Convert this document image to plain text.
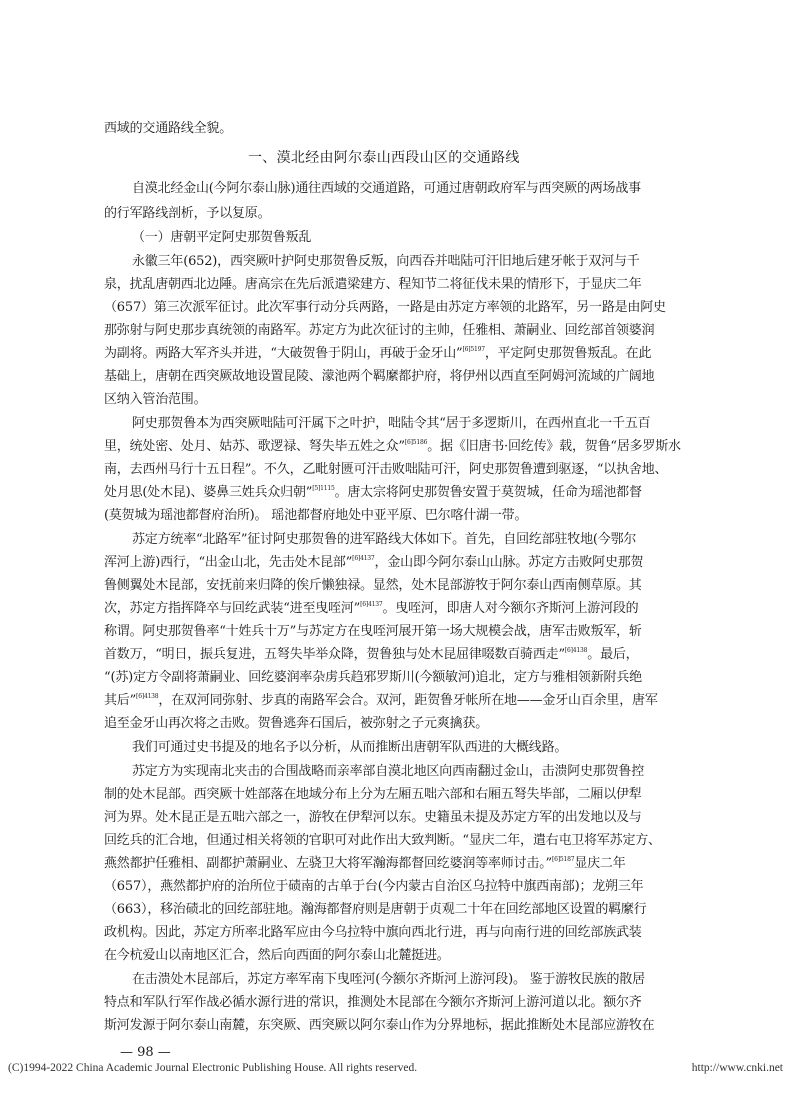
西域的交通路线全貌。
一、漠北经由阿尔泰山西段山区的交通路线
自漠北经金山(今阿尔泰山脉)通往西域的交通道路，可通过唐朝政府军与西突厥的两场战事
的行军路线剖析，予以复原。
（一）唐朝平定阿史那贺鲁叛乱
永徽三年(652)，西突厥叶护阿史那贺鲁反叛，向西吞并咄陆可汗旧地后建牙帐于双河与千
泉，扰乱唐朝西北边陲。唐高宗在先后派遣梁建方、程知节二将征伐未果的情形下，于显庆二年
（657）第三次派军征讨。此次军事行动分兵两路，一路是由苏定方率领的北路军，另一路是由阿史
那弥射与阿史那步真统领的南路军。苏定方为此次征讨的主帅，任雅相、萧嗣业、回纥部首领婆润
为副将。两路大军齐头并进，“大破贺鲁于阴山，再破于金牙山”$^{[6]5197}$，平定阿史那贺鲁叛乱。在此
基础上，唐朝在西突厥故地设置昆陵、濛池两个羁縻都护府，将伊州以西直至阿姆河流域的广阔地
区纳入管治范围。
阿史那贺鲁本为西突厥咄陆可汗属下之叶护，咄陆令其“居于多逻斯川，在西州直北一千五百
里，统处密、处月、姑苏、歌逻禄、弩失毕五姓之众”$^{[6]5186}$。据《旧唐书·回纥传》载，贺鲁“居多罗斯水
南，去西州马行十五日程”。不久，乙毗射匮可汗击败咄陆可汗，阿史那贺鲁遭到驱逐，“以执舍地、
处月思(处木昆)、婆鼻三姓兵众归朝”$^{[5]1115}$。唐太宗将阿史那贺鲁安置于莫贺城，任命为瑶池都督
(莫贺城为瑶池都督府治所)。 瑶池都督府地处中亚平原、巴尔喀什湖一带。
苏定方统率“北路军”征讨阿史那贺鲁的进军路线大体如下。首先，自回纥部驻牧地(今鄂尔
浑河上游)西行，“出金山北，先击处木昆部”$^{[6]4137}$，金山即今阿尔泰山山脉。苏定方击败阿史那贺
鲁侧翼处木昆部，安抚前来归降的俟斤懒独禄。显然，处木昆部游牧于阿尔泰山西南侧草原。其
次，苏定方指挥降卒与回纥武装“进至曳咥河”$^{[6]4137}$。曳咥河，即唐人对今额尔齐斯河上游河段的
称谓。阿史那贺鲁率“十姓兵十万”与苏定方在曳咥河展开第一场大规模会战，唐军击败叛军，斩
首数万，“明日，振兵复进，五弩失毕举众降，贺鲁独与处木昆屈律啜数百骑西走”$^{[6]4138}$。最后，
“(苏)定方令副将萧嗣业、回纥婆润率杂虏兵趋邪罗斯川(今额敏河)追北，定方与雅相领新附兵绝
其后”$^{[6]4138}$，在双河同弥射、步真的南路军会合。双河，距贺鲁牙帐所在地——金牙山百余里，唐军
追至金牙山再次将之击败。贺鲁逃奔石国后，被弥射之子元爽擒获。
我们可通过史书提及的地名予以分析，从而推断出唐朝军队西进的大概线路。
苏定方为实现南北夹击的合围战略而亲率部自漠北地区向西南翻过金山，击溃阿史那贺鲁控
制的处木昆部。西突厥十姓部落在地域分布上分为左厢五咄六部和右厢五弩失毕部，二厢以伊犁
河为界。处木昆正是五咄六部之一，游牧在伊犁河以东。史籍虽未提及苏定方军的出发地以及与
回纥兵的汇合地，但通过相关将领的官职可对此作出大致判断。“显庆二年，遣右屯卫将军苏定方、
燕然都护任雅相、副都护萧嗣业、左骁卫大将军瀚海都督回纥婆润等率师讨击。”$^{[6]5187}$显庆二年
（657），燕然都护府的治所位于碛南的古单于台(今内蒙古自治区乌拉特中旗西南部)；龙朔三年
（663），移治碛北的回纥部驻地。瀚海都督府则是唐朝于贞观二十年在回纥部地区设置的羁縻行
政机构。因此，苏定方所率北路军应由今乌拉特中旗向西北行进，再与向南行进的回纥部族武装
在今杭爱山以南地区汇合，然后向西面的阿尔泰山北麓挺进。
在击溃处木昆部后，苏定方率军南下曳咥河(今额尔齐斯河上游河段)。 鉴于游牧民族的散居
特点和军队行军作战必循水源行进的常识，推测处木昆部在今额尔齐斯河上游河道以北。额尔齐
斯河发源于阿尔泰山南麓，东突厥、西突厥以阿尔泰山作为分界地标，据此推断处木昆部应游牧在
— 98 —
(C)1994-2022 China Academic Journal Electronic Publishing House. All rights reserved.	http://www.cnki.net
